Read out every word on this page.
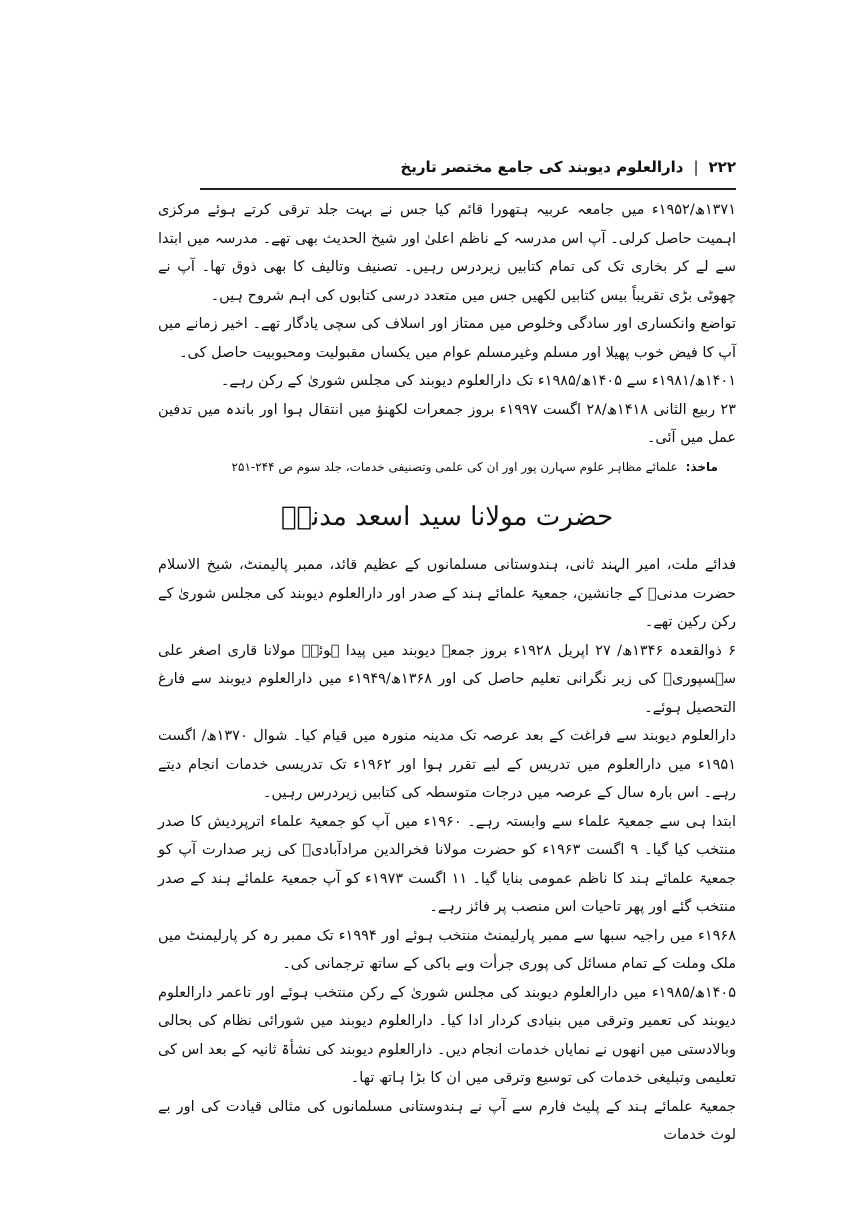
۲۲۲
|
دارالعلوم دیوبند کی جامع مختصر تاریخ

۱۳۷۱ھ/۱۹۵۲ء میں جامعہ عربیہ ہتھورا قائم کیا جس نے بہت جلد ترقی کرتے ہوئے مرکزی اہمیت حاصل کرلی۔ آپ اس مدرسہ کے ناظم اعلیٰ اور شیخ الحدیث بھی تھے۔ مدرسہ میں ابتدا سے لے کر بخاری تک کی تمام کتابیں زیردرس رہیں۔ تصنیف وتالیف کا بھی ذوق تھا۔ آپ نے چھوٹی بڑی تقریباً بیس کتابیں لکھیں جس میں متعدد درسی کتابوں کی اہم شروح ہیں۔

تواضع وانکساری اور سادگی وخلوص میں ممتاز اور اسلاف کی سچی یادگار تھے۔ اخیر زمانے میں آپ کا فیض خوب پھیلا اور مسلم وغیرمسلم عوام میں یکساں مقبولیت ومحبوبیت حاصل کی۔

۱۴۰۱ھ/۱۹۸۱ء سے ۱۴۰۵ھ/۱۹۸۵ء تک دارالعلوم دیوبند کی مجلس شوریٰ کے رکن رہے۔

۲۳ ربیع الثانی ۱۴۱۸ھ/۲۸ اگست ۱۹۹۷ء بروز جمعرات لکھنؤ میں انتقال ہوا اور باندہ میں تدفین عمل میں آئی۔

ماخذ:علمائے مظاہر علوم سہارن پور اور ان کی علمی وتصنیفی خدمات، جلد سوم ص ۲۴۴-۲۵۱

حضرت مولانا سید اسعد مدنیؒ

فدائے ملت، امیر الہند ثانی، ہندوستانی مسلمانوں کے عظیم قائد، ممبر پالیمنٹ، شیخ الاسلام حضرت مدنیؒ کے جانشین، جمعیۃ علمائے ہند کے صدر اور دارالعلوم دیوبند کی مجلس شوریٰ کے رکن رکین تھے۔

۶ ذوالقعدہ ۱۳۴۶ھ/ ۲۷ اپریل ۱۹۲۸ء بروز جمعہ دیوبند میں پیدا ہوئے۔ مولانا قاری اصغر علی سہسپوریؒ کی زیر نگرانی تعلیم حاصل کی اور ۱۳۶۸ھ/۱۹۴۹ء میں دارالعلوم دیوبند سے فارغ التحصیل ہوئے۔

دارالعلوم دیوبند سے فراغت کے بعد عرصہ تک مدینہ منورہ میں قیام کیا۔ شوال ۱۳۷۰ھ/ اگست ۱۹۵۱ء میں دارالعلوم میں تدریس کے لیے تقرر ہوا اور ۱۹۶۲ء تک تدریسی خدمات انجام دیتے رہے۔ اس بارہ سال کے عرصہ میں درجات متوسطہ کی کتابیں زیردرس رہیں۔

ابتدا ہی سے جمعیۃ علماء سے وابستہ رہے۔ ۱۹۶۰ء میں آپ کو جمعیۃ علماء اترپردیش کا صدر منتخب کیا گیا۔ ۹ اگست ۱۹۶۳ء کو حضرت مولانا فخرالدین مرادآبادیؒ کی زیر صدارت آپ کو جمعیۃ علمائے ہند کا ناظم عمومی بنایا گیا۔ ۱۱ اگست ۱۹۷۳ء کو آپ جمعیۃ علمائے ہند کے صدر منتخب گئے اور پھر تاحیات اس منصب پر فائز رہے۔

۱۹۶۸ء میں راجیہ سبھا سے ممبر پارلیمنٹ منتخب ہوئے اور ۱۹۹۴ء تک ممبر رہ کر پارلیمنٹ میں ملک وملت کے تمام مسائل کی پوری جرأت وبے باکی کے ساتھ ترجمانی کی۔

۱۴۰۵ھ/۱۹۸۵ء میں دارالعلوم دیوبند کی مجلس شوریٰ کے رکن منتخب ہوئے اور تاعمر دارالعلوم دیوبند کی تعمیر وترقی میں بنیادی کردار ادا کیا۔ دارالعلوم دیوبند میں شورائی نظام کی بحالی وبالادستی میں انھوں نے نمایاں خدمات انجام دیں۔ دارالعلوم دیوبند کی نشأۃ ثانیہ کے بعد اس کی تعلیمی وتبلیغی خدمات کی توسیع وترقی میں ان کا بڑا ہاتھ تھا۔

جمعیۃ علمائے ہند کے پلیٹ فارم سے آپ نے ہندوستانی مسلمانوں کی مثالی قیادت کی اور بے لوث خدمات
